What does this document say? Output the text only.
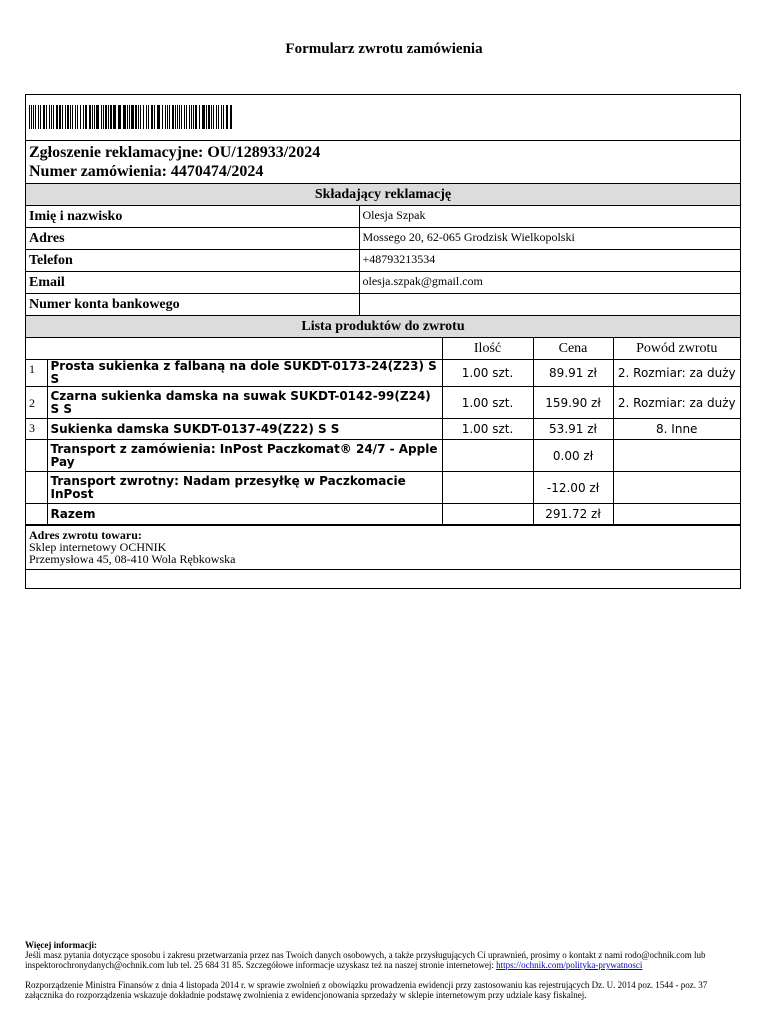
Formularz zwrotu zamówienia
Zgłoszenie reklamacyjne: OU/128933/2024
Numer zamówienia: 4470474/2024
Składający reklamację	
Imię i nazwisko	Olesja Szpak
Adres	Mossego 20, 62-065 Grodzisk Wielkopolski
Telefon	+48793213534
Email	olesja.szpak@gmail.com
Numer konta bankowego	
Lista produktów do zwrotu				
		Ilość	Cena	Powód zwrotu
1	Prosta sukienka z falbaną na dole SUKDT-0173-24(Z23) S S	1.00 szt.	89.91 zł	2. Rozmiar: za duży
2	Czarna sukienka damska na suwak SUKDT-0142-99(Z24) S S	1.00 szt.	159.90 zł	2. Rozmiar: za duży
3	Sukienka damska SUKDT-0137-49(Z22) S S	1.00 szt.	53.91 zł	8. Inne
	Transport z zamówienia: InPost Paczkomat® 24/7 - Apple Pay		0.00 zł	
	Transport zwrotny: Nadam przesyłkę w Paczkomacie InPost		-12.00 zł	
	Razem		291.72 zł	
Adres zwrotu towaru:
Sklep internetowy OCHNIK
Przemysłowa 45, 08-410 Wola Rębkowska
Więcej informacji:
Jeśli masz pytania dotyczące sposobu i zakresu przetwarzania przez nas Twoich danych osobowych, a także przysługujących Ci uprawnień, prosimy o kontakt z nami rodo@ochnik.com lub inspektorochronydanych@ochnik.com lub tel. 25 684 31 85. Szczegółowe informacje uzyskasz też na naszej stronie internetowej: https://ochnik.com/polityka-prywatnosci
Rozporządzenie Ministra Finansów z dnia 4 listopada 2014 r. w sprawie zwolnień z obowiązku prowadzenia ewidencji przy zastosowaniu kas rejestrujących Dz. U. 2014 poz. 1544 - poz. 37 załącznika do rozporządzenia wskazuje dokładnie podstawę zwolnienia z ewidencjonowania sprzedaży w sklepie internetowym przy udziale kasy fiskalnej.
